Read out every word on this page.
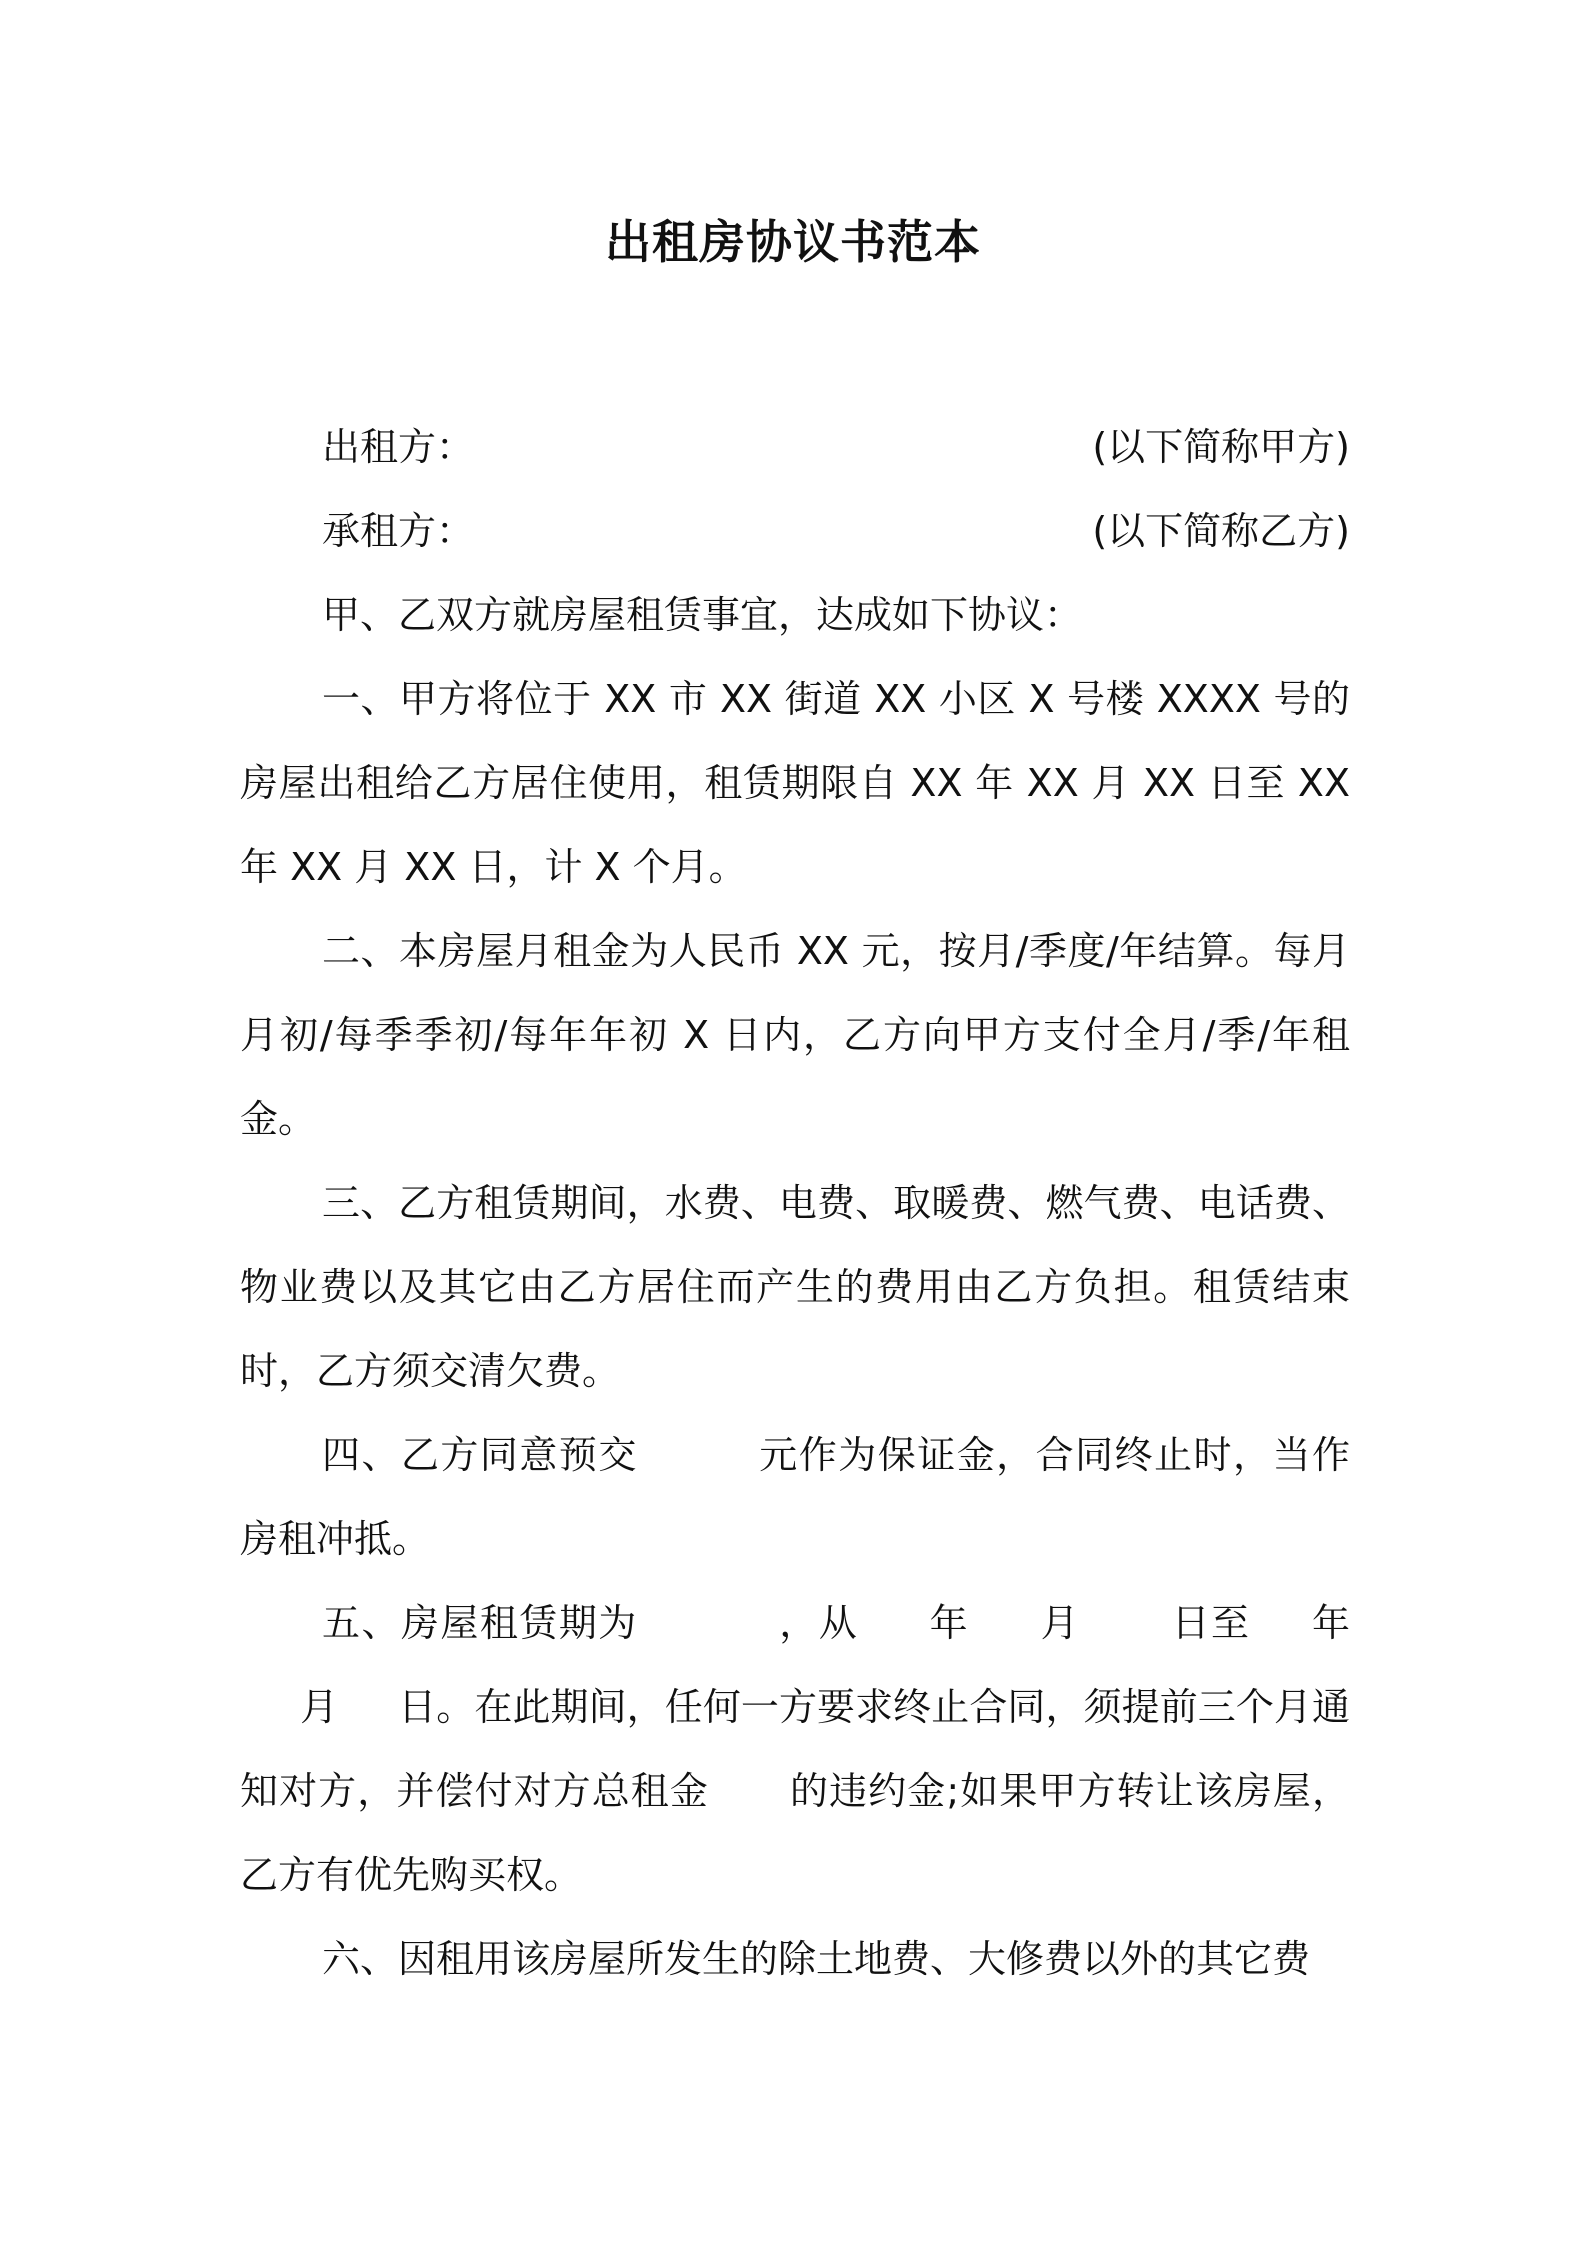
出租房协议书范本
出租方：	(以下简称甲方)
承租方：	(以下简称乙方)

甲、乙双方就房屋租赁事宜，达成如下协议：

一、甲方将位于 XX 市 XX 街道 XX 小区 X 号楼 XXXX 号的房屋出租给乙方居住使用，租赁期限自 XX 年 XX 月 XX 日至 XX 年 XX 月 XX 日，计 X 个月。

二、本房屋月租金为人民币 XX 元，按月/季度/年结算。每月月初/每季季初/每年年初 X 日内，乙方向甲方支付全月/季/年租金。

三、乙方租赁期间，水费、电费、取暖费、燃气费、电话费、物业费以及其它由乙方居住而产生的费用由乙方负担。租赁结束时，乙方须交清欠费。

四、乙方同意预交	元作为保证金，合同终止时，当作房租冲抵。

五、房屋租赁期为	，从 年 月 日至 年月 日。在此期间，任何一方要求终止合同，须提前三个月通知对方，并偿付对方总租金 的违约金;如果甲方转让该房屋，乙方有优先购买权。

六、因租用该房屋所发生的除土地费、大修费以外的其它费
